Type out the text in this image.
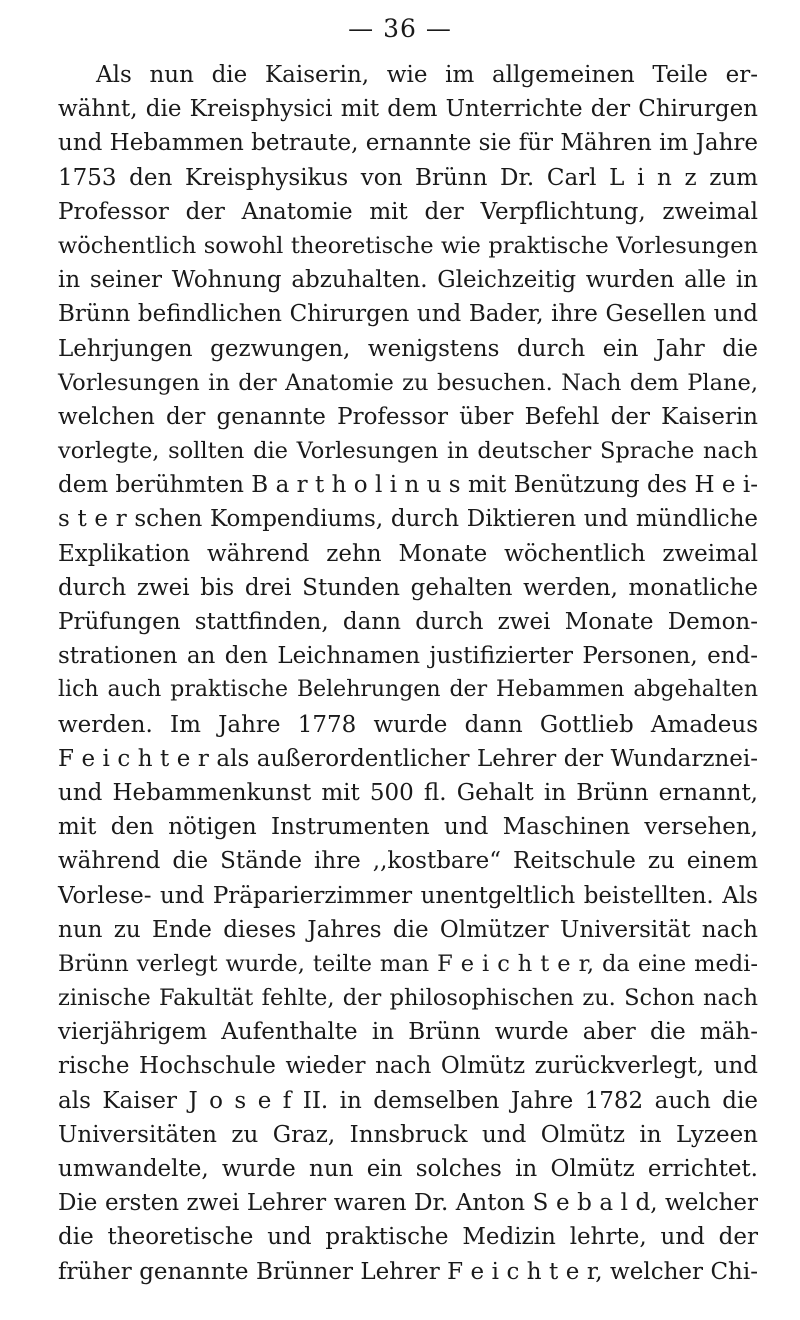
— 36 —
Als nun die Kaiserin, wie im allgemeinen Teile er-
wähnt, die Kreisphysici mit dem Unterrichte der Chirurgen
und Hebammen betraute, ernannte sie für Mähren im Jahre
1753 den Kreisphysikus von Brünn Dr. Carl L i n z zum
Professor der Anatomie mit der Verpflichtung, zweimal
wöchentlich sowohl theoretische wie praktische Vorlesungen
in seiner Wohnung abzuhalten. Gleichzeitig wurden alle in
Brünn befindlichen Chirurgen und Bader, ihre Gesellen und
Lehrjungen gezwungen, wenigstens durch ein Jahr die
Vorlesungen in der Anatomie zu besuchen. Nach dem Plane,
welchen der genannte Professor über Befehl der Kaiserin
vorlegte, sollten die Vorlesungen in deutscher Sprache nach
dem berühmten B a r t h o l i n u s mit Benützung des H e i-
s t e r schen Kompendiums, durch Diktieren und mündliche
Explikation während zehn Monate wöchentlich zweimal
durch zwei bis drei Stunden gehalten werden, monatliche
Prüfungen stattfinden, dann durch zwei Monate Demon-
strationen an den Leichnamen justifizierter Personen, end-
lich auch praktische Belehrungen der Hebammen abgehalten
werden. Im Jahre 1778 wurde dann Gottlieb Amadeus
F e i c h t e r als außerordentlicher Lehrer der Wundarznei-
und Hebammenkunst mit 500 fl. Gehalt in Brünn ernannt,
mit den nötigen Instrumenten und Maschinen versehen,
während die Stände ihre ,,kostbare“ Reitschule zu einem
Vorlese- und Präparierzimmer unentgeltlich beistellten. Als
nun zu Ende dieses Jahres die Olmützer Universität nach
Brünn verlegt wurde, teilte man F e i c h t e r, da eine medi-
zinische Fakultät fehlte, der philosophischen zu. Schon nach
vierjährigem Aufenthalte in Brünn wurde aber die mäh-
rische Hochschule wieder nach Olmütz zurückverlegt, und
als Kaiser J o s e f II. in demselben Jahre 1782 auch die
Universitäten zu Graz, Innsbruck und Olmütz in Lyzeen
umwandelte, wurde nun ein solches in Olmütz errichtet.
Die ersten zwei Lehrer waren Dr. Anton S e b a l d, welcher
die theoretische und praktische Medizin lehrte, und der
früher genannte Brünner Lehrer F e i c h t e r, welcher Chi-
